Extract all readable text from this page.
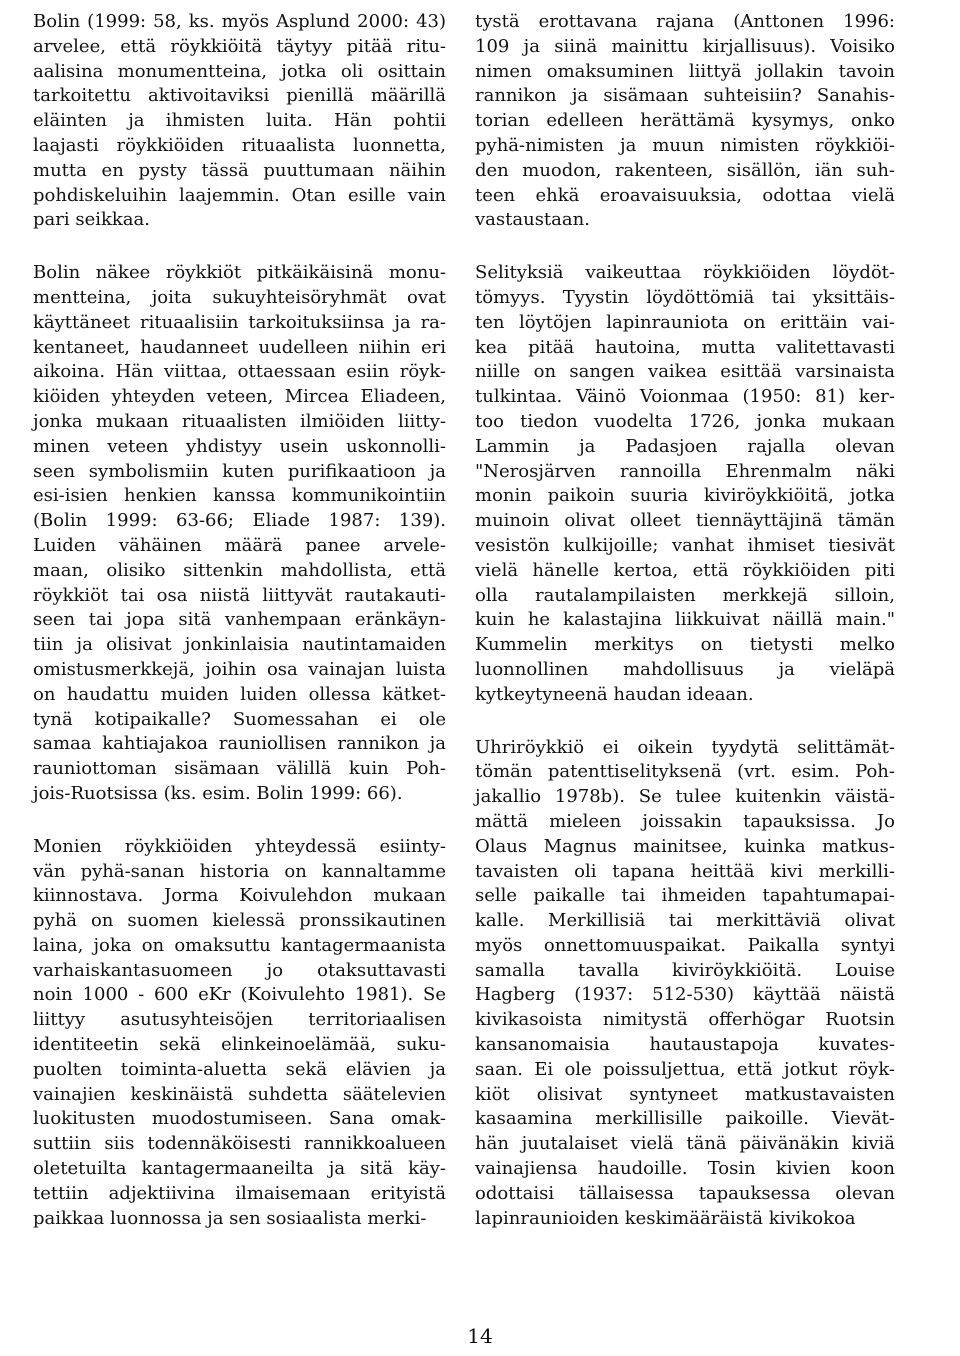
Bolin (1999: 58, ks. myös Asplund 2000: 43)
arvelee, että röykkiöitä täytyy pitää ritu-
aalisina monumentteina, jotka oli osittain
tarkoitettu aktivoitaviksi pienillä määrillä
eläinten ja ihmisten luita. Hän pohtii
laajasti röykkiöiden rituaalista luonnetta,
mutta en pysty tässä puuttumaan näihin
pohdiskeluihin laajemmin. Otan esille vain
pari seikkaa.

Bolin näkee röykkiöt pitkäikäisinä monu-
mentteina, joita sukuyhteisöryhmät ovat
käyttäneet rituaalisiin tarkoituksiinsa ja ra-
kentaneet, haudanneet uudelleen niihin eri
aikoina. Hän viittaa, ottaessaan esiin röyk-
kiöiden yhteyden veteen, Mircea Eliadeen,
jonka mukaan rituaalisten ilmiöiden liitty-
minen veteen yhdistyy usein uskonnolli-
seen symbolismiin kuten purifikaatioon ja
esi-isien henkien kanssa kommunikointiin
(Bolin 1999: 63-66; Eliade 1987: 139).
Luiden vähäinen määrä panee arvele-
maan, olisiko sittenkin mahdollista, että
röykkiöt tai osa niistä liittyvät rautakauti-
seen tai jopa sitä vanhempaan eränkäyn-
tiin ja olisivat jonkinlaisia nautintamaiden
omistusmerkkejä, joihin osa vainajan luista
on haudattu muiden luiden ollessa kätket-
tynä kotipaikalle? Suomessahan ei ole
samaa kahtiajakoa rauniollisen rannikon ja
rauniottoman sisämaan välillä kuin Poh-
jois-Ruotsissa (ks. esim. Bolin 1999: 66).

Monien röykkiöiden yhteydessä esiinty-
vän pyhä-sanan historia on kannaltamme
kiinnostava. Jorma Koivulehdon mukaan
pyhä on suomen kielessä pronssikautinen
laina, joka on omaksuttu kantagermaanista
varhaiskantasuomeen jo otaksuttavasti
noin 1000 - 600 eKr (Koivulehto 1981). Se
liittyy asutusyhteisöjen territoriaalisen
identiteetin sekä elinkeinoelämää, suku-
puolten toiminta-aluetta sekä elävien ja
vainajien keskinäistä suhdetta säätelevien
luokitusten muodostumiseen. Sana omak-
suttiin siis todennäköisesti rannikkoalueen
oletetuilta kantagermaaneilta ja sitä käy-
tettiin adjektiivina ilmaisemaan erityistä
paikkaa luonnossa ja sen sosiaalista merki-

tystä erottavana rajana (Anttonen 1996:
109 ja siinä mainittu kirjallisuus). Voisiko
nimen omaksuminen liittyä jollakin tavoin
rannikon ja sisämaan suhteisiin? Sanahis-
torian edelleen herättämä kysymys, onko
pyhä-nimisten ja muun nimisten röykkiöi-
den muodon, rakenteen, sisällön, iän suh-
teen ehkä eroavaisuuksia, odottaa vielä
vastaustaan.

Selityksiä vaikeuttaa röykkiöiden löydöt-
tömyys. Tyystin löydöttömiä tai yksittäis-
ten löytöjen lapinrauniota on erittäin vai-
kea pitää hautoina, mutta valitettavasti
niille on sangen vaikea esittää varsinaista
tulkintaa. Väinö Voionmaa (1950: 81) ker-
too tiedon vuodelta 1726, jonka mukaan
Lammin ja Padasjoen rajalla olevan
"Nerosjärven rannoilla Ehrenmalm näki
monin paikoin suuria kiviröykkiöitä, jotka
muinoin olivat olleet tiennäyttäjinä tämän
vesistön kulkijoille; vanhat ihmiset tiesivät
vielä hänelle kertoa, että röykkiöiden piti
olla rautalampilaisten merkkejä silloin,
kuin he kalastajina liikkuivat näillä main."
Kummelin merkitys on tietysti melko
luonnollinen mahdollisuus ja vieläpä
kytkeytyneenä haudan ideaan.

Uhriröykkiö ei oikein tyydytä selittämät-
tömän patenttiselityksenä (vrt. esim. Poh-
jakallio 1978b). Se tulee kuitenkin väistä-
mättä mieleen joissakin tapauksissa. Jo
Olaus Magnus mainitsee, kuinka matkus-
tavaisten oli tapana heittää kivi merkilli-
selle paikalle tai ihmeiden tapahtumapai-
kalle. Merkillisiä tai merkittäviä olivat
myös onnettomuuspaikat. Paikalla syntyi
samalla tavalla kiviröykkiöitä. Louise
Hagberg (1937: 512-530) käyttää näistä
kivikasoista nimitystä offerhögar Ruotsin
kansanomaisia hautaustapoja kuvates-
saan. Ei ole poissuljettua, että jotkut röyk-
kiöt olisivat syntyneet matkustavaisten
kasaamina merkillisille paikoille. Vievät-
hän juutalaiset vielä tänä päivänäkin kiviä
vainajiensa haudoille. Tosin kivien koon
odottaisi tällaisessa tapauksessa olevan
lapinraunioiden keskimääräistä kivikokoa

14
